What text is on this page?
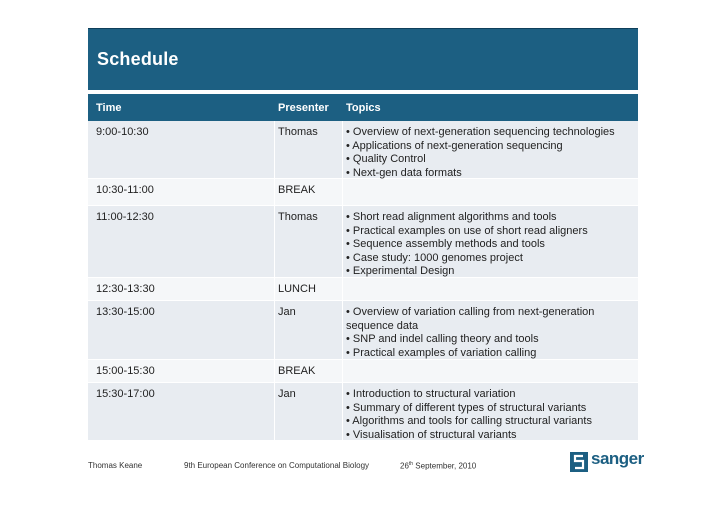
Schedule
Time	Presenter Topics
9:00-10:30	Thomas	• Overview of next-generation sequencing technologies
• Applications of next-generation sequencing
• Quality Control
• Next-gen data formats
10:30-11:00	BREAK
11:00-12:30	Thomas	• Short read alignment algorithms and tools
• Practical examples on use of short read aligners
• Sequence assembly methods and tools
• Case study: 1000 genomes project
• Experimental Design
12:30-13:30	LUNCH
13:30-15:00	Jan	• Overview of variation calling from next-generation
sequence data
• SNP and indel calling theory and tools
• Practical examples of variation calling
15:00-15:30	BREAK
15:30-17:00	Jan	• Introduction to structural variation
• Summary of different types of structural variants
• Algorithms and tools for calling structural variants
• Visualisation of structural variants
Thomas Keane	9th European Conference on Computational Biology	26th September, 2010	sanger
